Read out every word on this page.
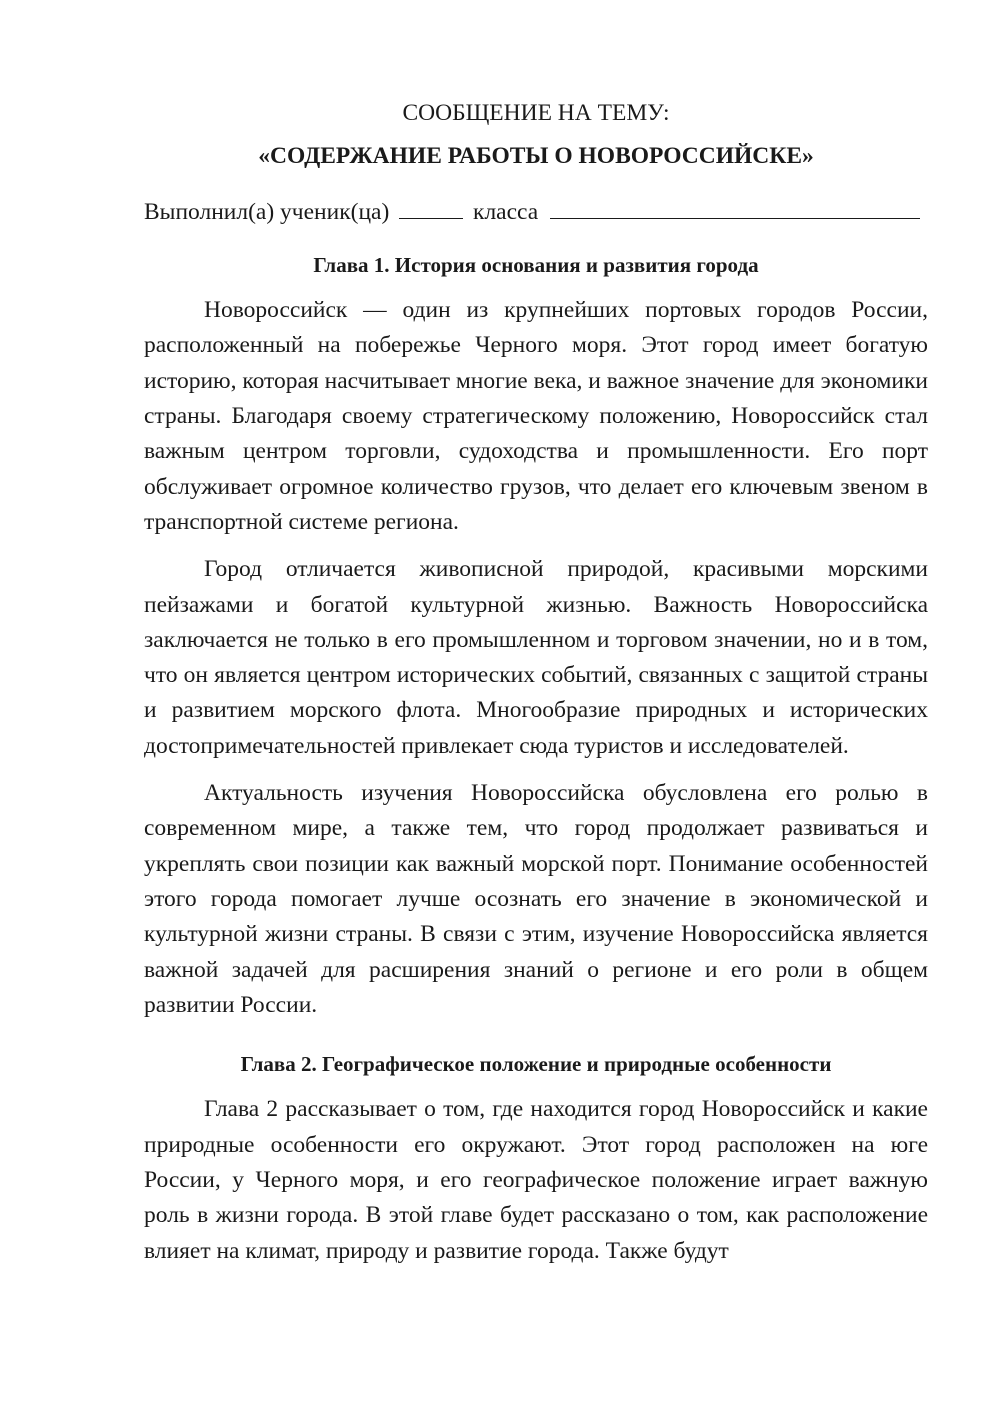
СООБЩЕНИЕ НА ТЕМУ:

«СОДЕРЖАНИЕ РАБОТЫ О НОВОРОССИЙСКЕ»

Выполнил(а) ученик(ца)	класса
Глава 1. История основания и развития города

Новороссийск — один из крупнейших портовых городов России, расположенный на побережье Черного моря. Этот город имеет богатую историю, которая насчитывает многие века, и важное значение для экономики страны. Благодаря своему стратегическому положению, Новороссийск стал важным центром торговли, судоходства и промышленности. Его порт обслуживает огромное количество грузов, что делает его ключевым звеном в транспортной системе региона.

Город отличается живописной природой, красивыми морскими пейзажами и богатой культурной жизнью. Важность Новороссийска заключается не только в его промышленном и торговом значении, но и в том, что он является центром исторических событий, связанных с защитой страны и развитием морского флота. Многообразие природных и исторических достопримечательностей привлекает сюда туристов и исследователей.

Актуальность изучения Новороссийска обусловлена его ролью в современном мире, а также тем, что город продолжает развиваться и укреплять свои позиции как важный морской порт. Понимание особенностей этого города помогает лучше осознать его значение в экономической и культурной жизни страны. В связи с этим, изучение Новороссийска является важной задачей для расширения знаний о регионе и его роли в общем развитии России.

Глава 2. Географическое положение и природные особенности

Глава 2 рассказывает о том, где находится город Новороссийск и какие природные особенности его окружают. Этот город расположен на юге России, у Черного моря, и его географическое положение играет важную роль в жизни города. В этой главе будет рассказано о том, как расположение влияет на климат, природу и развитие города. Также будут
